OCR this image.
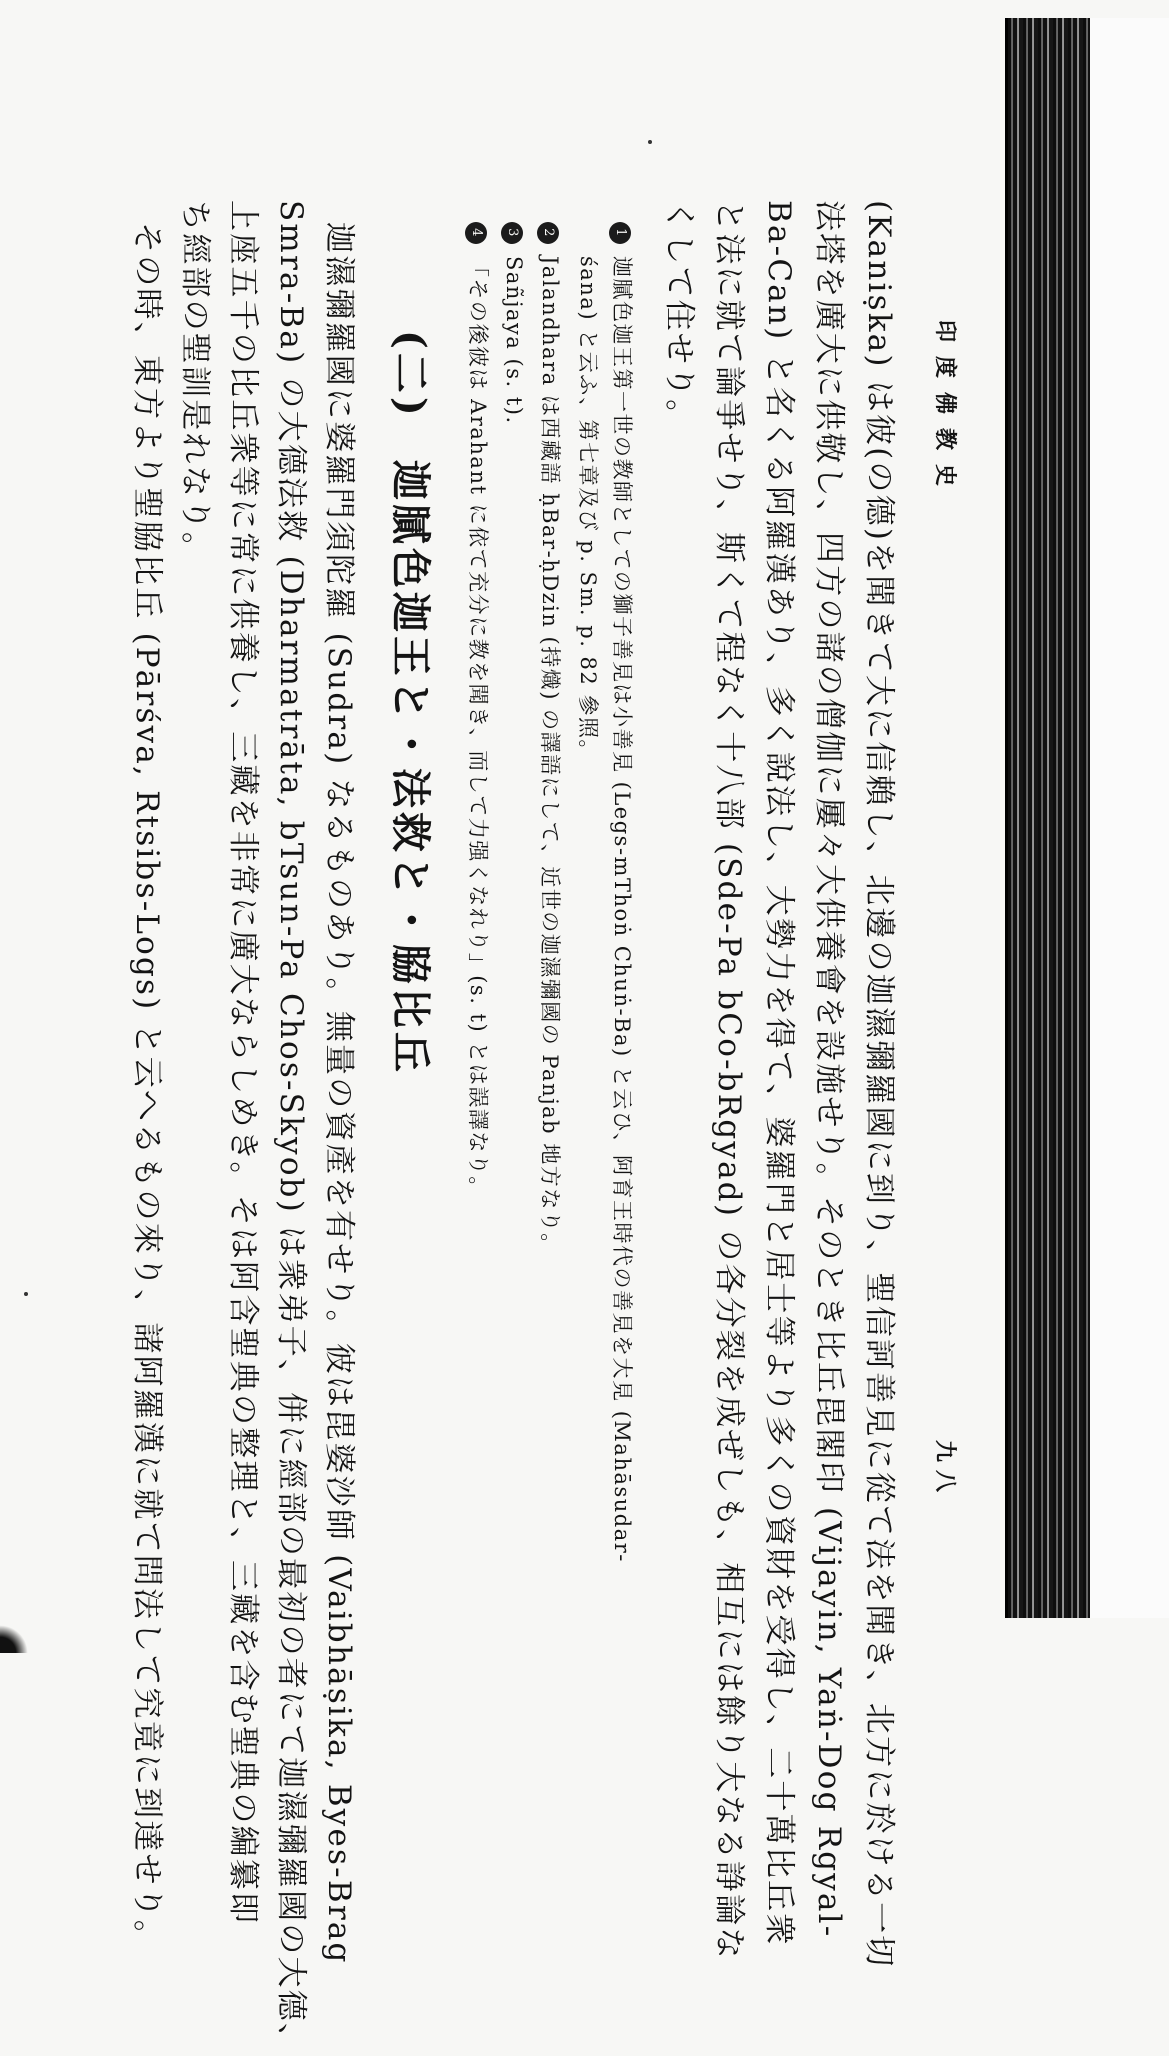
印度佛教史
九八
(Kaniṣka) は彼(の德)を聞きて大に信賴し、北邊の迦濕彌羅國に到り、聖信訶善見に從て法を聞き、北方に於ける一切
法塔を廣大に供敬し、四方の諸の僧伽に屢々大供養會を設施せり。そのとき比丘毘閣印 (Vijayin, Yaṅ-Dog Rgyal-
Ba-Can) と名くる阿羅漢あり、多く說法し、大勢力を得て、婆羅門と居士等より多くの資財を受得し、二十萬比丘衆
と法に就て論爭せり、斯くて程なく十八部 (Sde-Pa bCo-bRgyad) の各分裂を成ぜしも、相互には餘り大なる諍論な
くして住せり。
1迦膩色迦王第一世の教師としての獅子善見は小善見 (Legs-mThoṅ Chuṅ-Ba) と云ひ、阿育王時代の善見を大見 (Mahāsudar-
śana) と云ふ、第七章及び p. Sm. p. 82 參照。
2Jalandhara は西藏語 ḥBar-ḥDzin (持熾) の譯語にして、近世の迦濕彌國の Panjab 地方なり。
3Sañjaya (s. t).
4「その後彼は Arahant に依て充分に教を聞き、而して力强くなれり」(s. t) とは誤譯なり。
(二)迦膩色迦王と・法救と・脇比丘
迦濕彌羅國に婆羅門須陀羅 (Sudra) なるものあり。無量の資產を有せり。彼は毘婆沙師 (Vaibhāṣika, Byes-Brag
Smra-Ba) の大德法救 (Dharmatrāta, bTsun-Pa Chos-Skyob) は衆弟子、併に經部の最初の者にて迦濕彌羅國の大德、
上座五千の比丘衆等に常に供養し、三藏を非常に廣大ならしめき。そは阿含聖典の整理と、三藏を含む聖典の編纂即
ち經部の聖訓是れなり。
その時、東方より聖脇比丘 (Pārśva, Rtsibs-Logs) と云へるもの來り、諸阿羅漢に就て問法して究竟に到達せり。
